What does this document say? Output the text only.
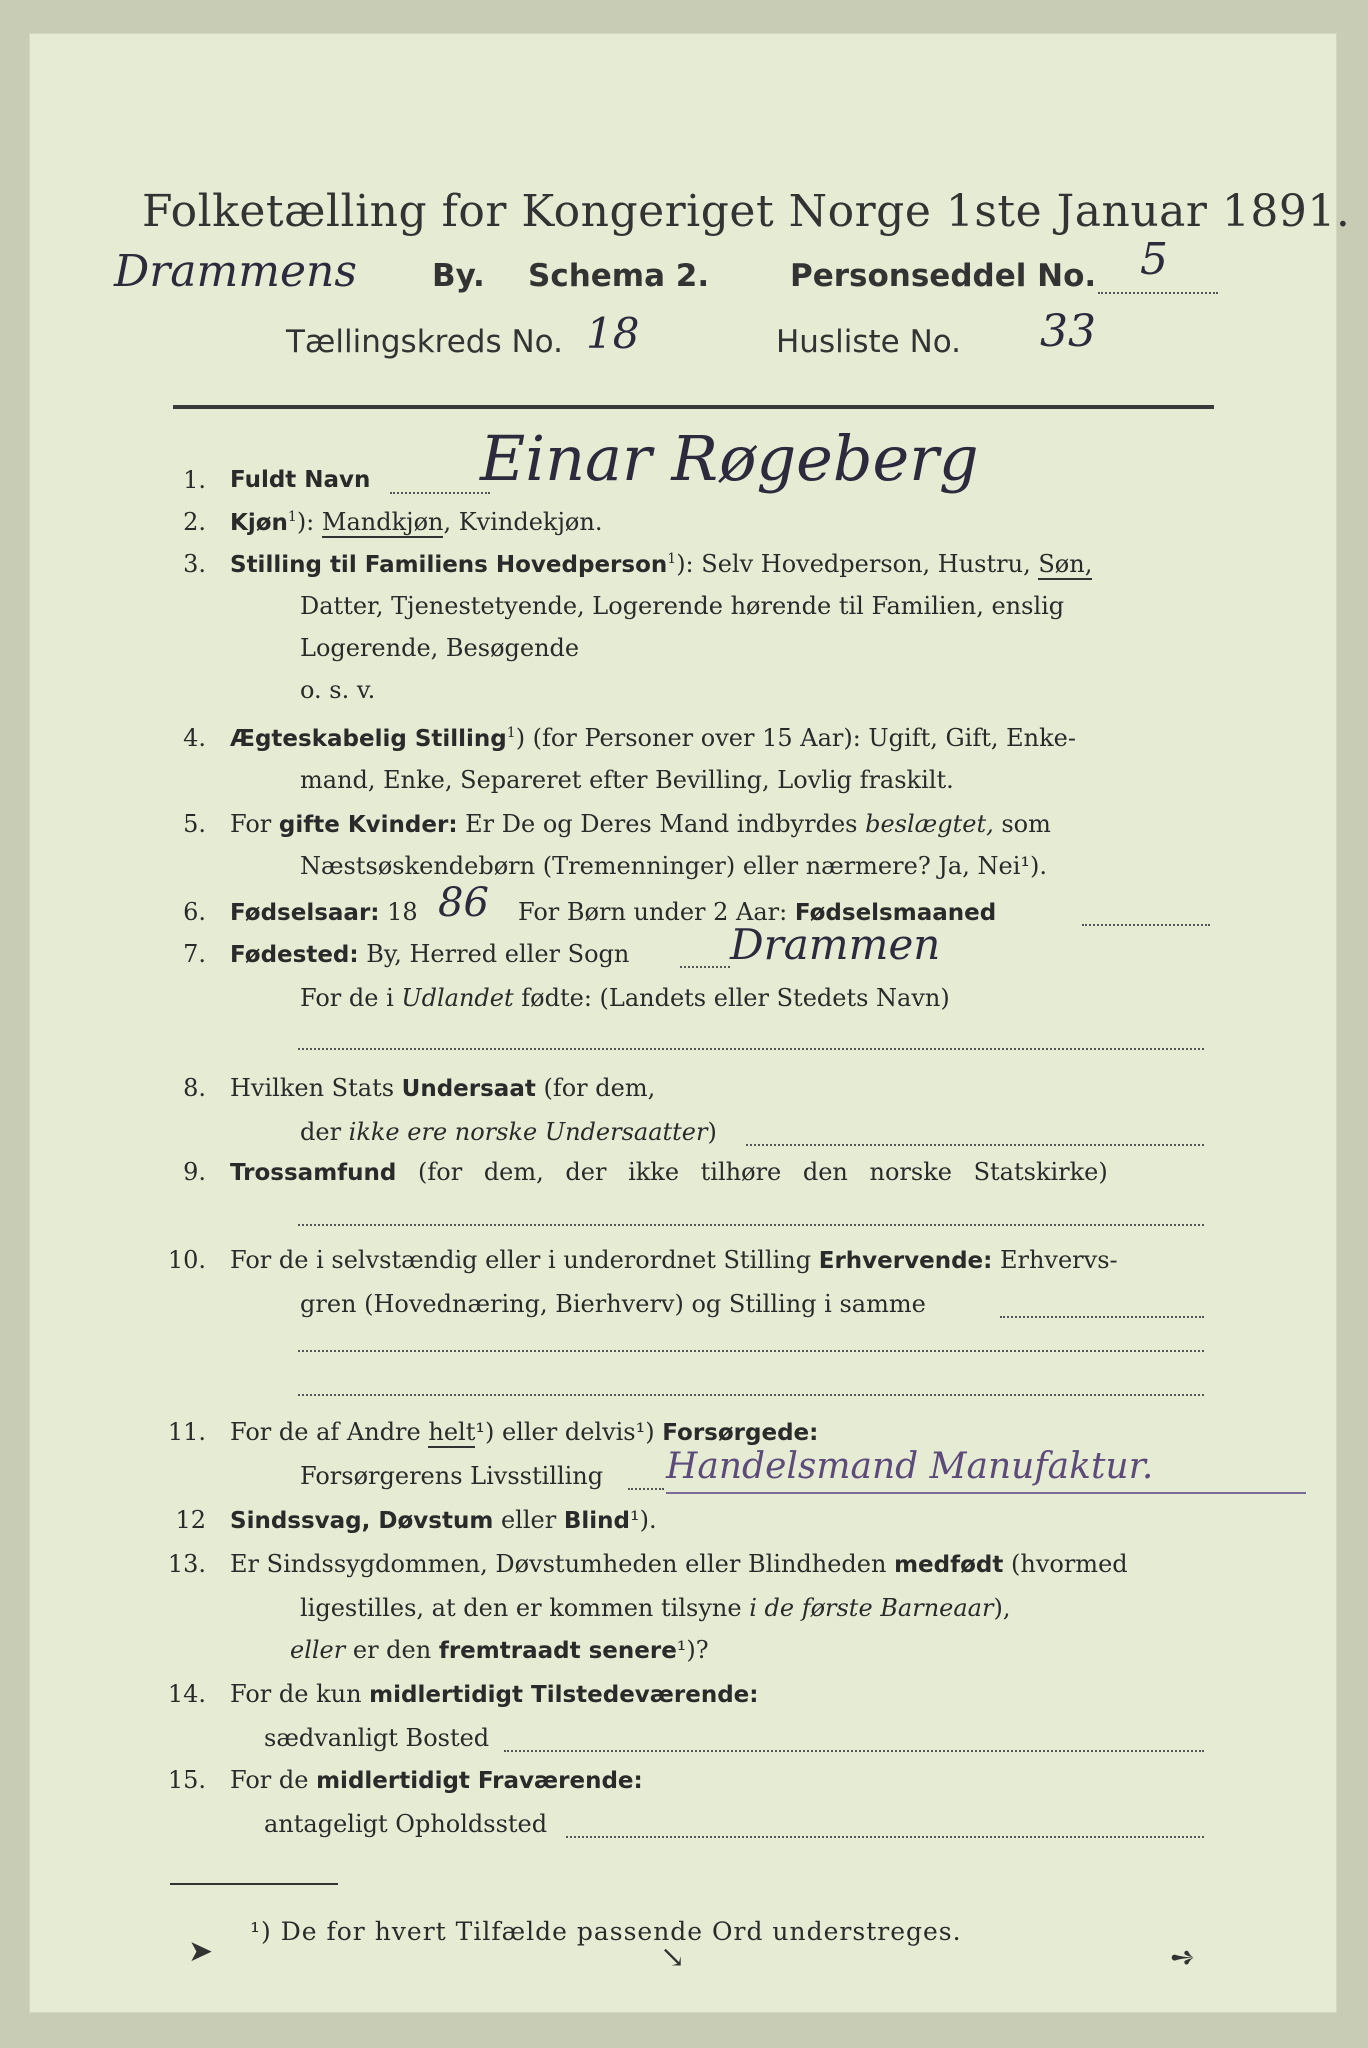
Folketælling for Kongeriget Norge 1ste Januar 1891.
Drammens By. Schema 2.	Personseddel No. 5
Tællingskreds No. 18	Husliste No. 33
1. Fuldt Navn Einar Røgeberg
2. Kjøn$^1$): Mandkjøn, Kvindekjøn.
3. Stilling til Familiens Hovedperson$^1$): Selv Hovedperson, Hustru, Søn,
Datter, Tjenestetyende, Logerende hørende til Familien, enslig
Logerende, Besøgende
o. s. v.
4. Ægteskabelig Stilling$^1$) (for Personer over 15 Aar): Ugift, Gift, Enke-
mand, Enke, Separeret efter Bevilling, Lovlig fraskilt.
5. For gifte Kvinder: Er De og Deres Mand indbyrdes beslægtet, som
Næstsøskendebørn (Tremenninger) eller nærmere? Ja, Nei¹).
6. Fødselsaar: 18 86 For Børn under 2 Aar: Fødselsmaaned
7. Fødested: By, Herred eller Sogn Drammen
For de i Udlandet fødte: (Landets eller Stedets Navn)
8. Hvilken Stats Undersaat (for dem,
der ikke ere norske Undersaatter)
9. Trossamfund (for dem, der ikke tilhøre den norske Statskirke)
10. For de i selvstændig eller i underordnet Stilling Erhvervende: Erhvervs-
gren (Hovednæring, Bierhverv) og Stilling i samme
11. For de af Andre helt¹) eller delvis¹) Forsørgede:
Forsørgerens Livsstilling Handelsmand Manufaktur.
12 Sindssvag, Døvstum eller Blind¹).
13. Er Sindssygdommen, Døvstumheden eller Blindheden medfødt (hvormed
ligestilles, at den er kommen tilsyne i de første Barneaar),
eller er den fremtraadt senere¹)?
14. For de kun midlertidigt Tilstedeværende:
sædvanligt Bosted
15. For de midlertidigt Fraværende:
antageligt Opholdssted
¹) De for hvert Tilfælde passende Ord understreges.
➤	↘	➺
